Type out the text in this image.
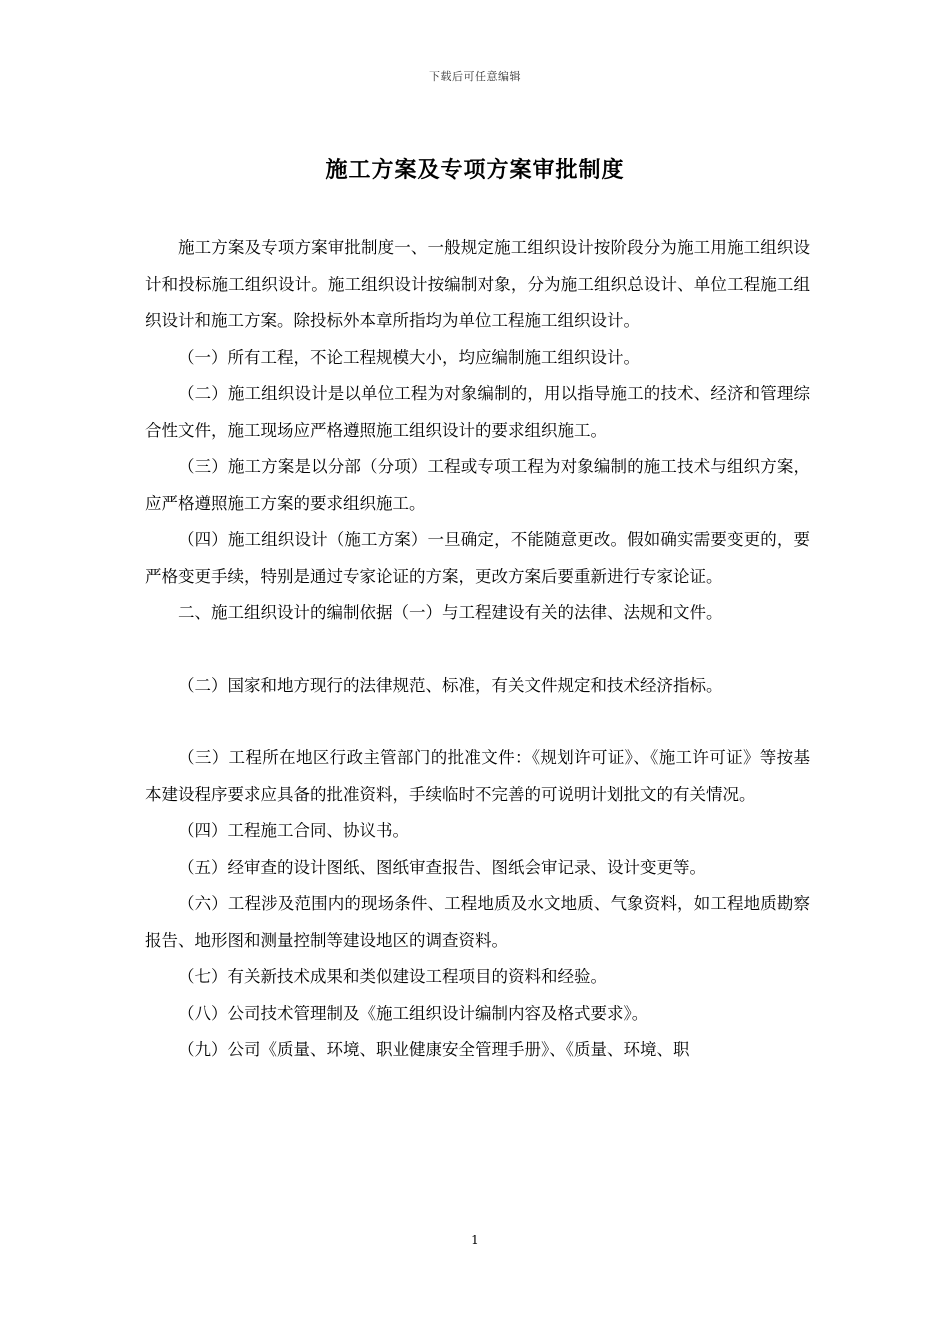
下载后可任意编辑
施工方案及专项方案审批制度

施工方案及专项方案审批制度一、一般规定施工组织设计按阶段分为施工用施工组织设计和投标施工组织设计。施工组织设计按编制对象，分为施工组织总设计、单位工程施工组织设计和施工方案。除投标外本章所指均为单位工程施工组织设计。

（一）所有工程，不论工程规模大小，均应编制施工组织设计。

（二）施工组织设计是以单位工程为对象编制的，用以指导施工的技术、经济和管理综合性文件，施工现场应严格遵照施工组织设计的要求组织施工。

（三）施工方案是以分部（分项）工程或专项工程为对象编制的施工技术与组织方案，应严格遵照施工方案的要求组织施工。

（四）施工组织设计（施工方案）一旦确定，不能随意更改。假如确实需要变更的，要严格变更手续，特别是通过专家论证的方案，更改方案后要重新进行专家论证。

二、施工组织设计的编制依据（一）与工程建设有关的法律、法规和文件。

（二）国家和地方现行的法律规范、标准，有关文件规定和技术经济指标。

（三）工程所在地区行政主管部门的批准文件：《规划许可证》、《施工许可证》等按基本建设程序要求应具备的批准资料，手续临时不完善的可说明计划批文的有关情况。

（四）工程施工合同、协议书。

（五）经审查的设计图纸、图纸审查报告、图纸会审记录、设计变更等。

（六）工程涉及范围内的现场条件、工程地质及水文地质、气象资料，如工程地质勘察报告、地形图和测量控制等建设地区的调查资料。

（七）有关新技术成果和类似建设工程项目的资料和经验。

（八）公司技术管理制及《施工组织设计编制内容及格式要求》。

（九）公司《质量、环境、职业健康安全管理手册》、《质量、环境、职

1
